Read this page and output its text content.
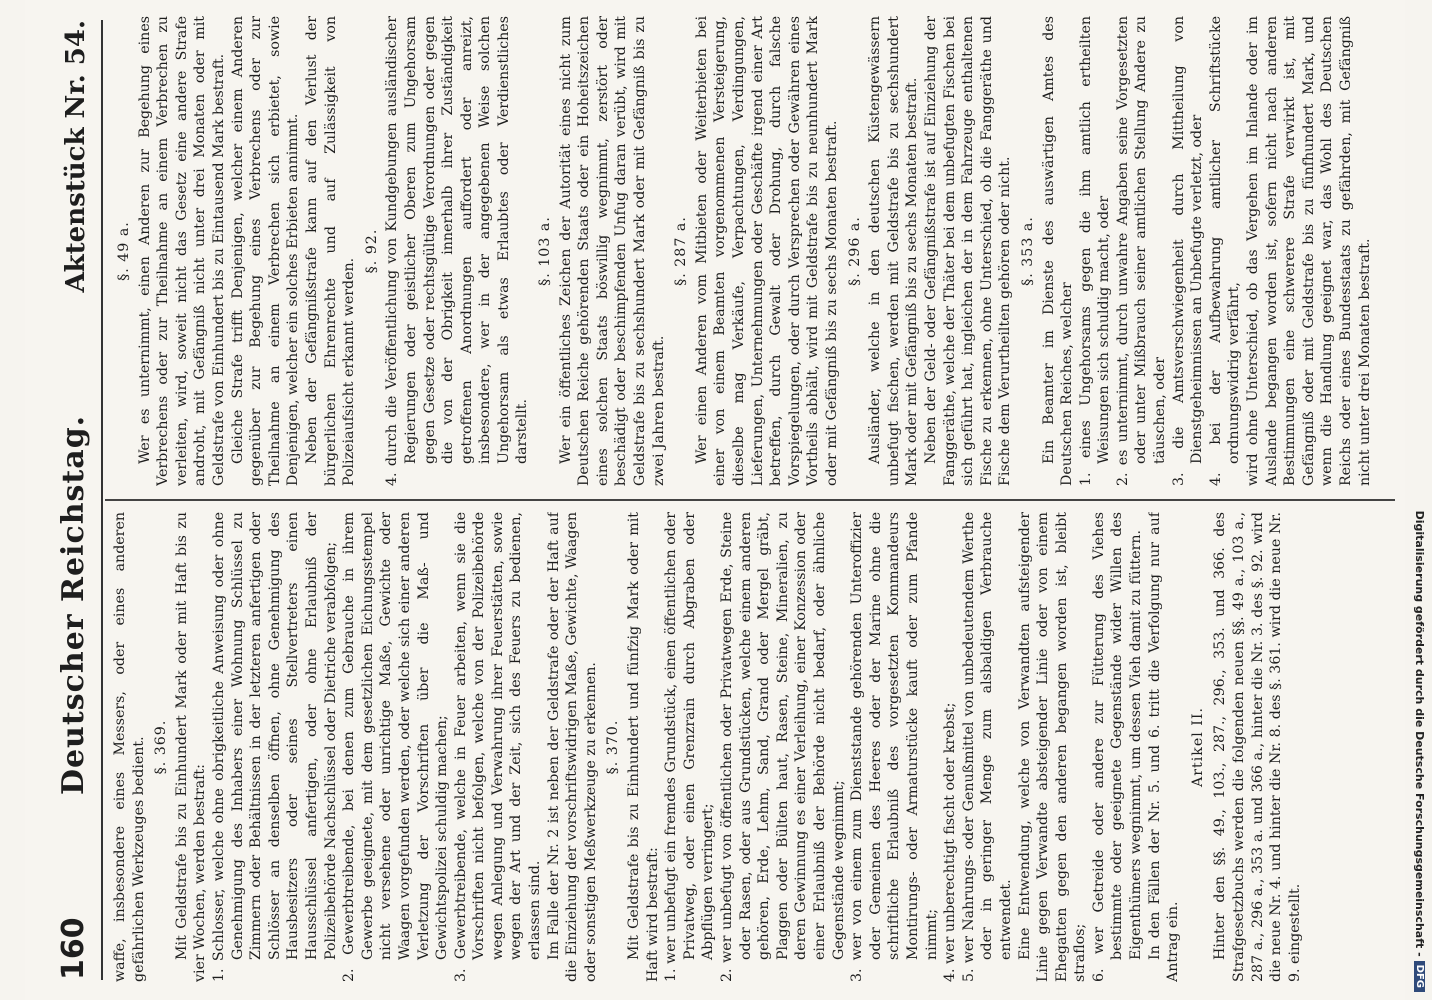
160
Deutscher Reichstag.
Aktenstück Nr. 54.

waffe, insbesondere eines Messers, oder eines anderen gefährlichen Werkzeuges bedient. §. 369. Mit Geldstrafe bis zu Einhundert Mark oder mit Haft bis zu vier Wochen, werden bestraft: 1. Schlosser, welche ohne obrigkeitliche Anweisung oder ohne Genehmigung des Inhabers einer Wohnung Schlüssel zu Zimmern oder Behältnissen in der letzteren anfertigen oder Schlösser an denselben öffnen, ohne Genehmigung des Hausbesitzers oder seines Stellvertreters einen Hausschlüssel anfertigen, oder ohne Erlaubniß der Polizeibehörde Nachschlüssel oder Dietriche verabfolgen; 2. Gewerbtreibende, bei denen zum Gebrauche in ihrem Gewerbe geeignete, mit dem gesetzlichen Eichungsstempel nicht versehene oder unrichtige Maße, Gewichte oder Waagen vorgefunden werden, oder welche sich einer anderen Verletzung der Vorschriften über die Maß- und Gewichtspolizei schuldig machen; 3. Gewerbtreibende, welche in Feuer arbeiten, wenn sie die Vorschriften nicht befolgen, welche von der Polizeibehörde wegen Anlegung und Verwahrung ihrer Feuerstätten, sowie wegen der Art und der Zeit, sich des Feuers zu bedienen, erlassen sind. Im Falle der Nr. 2 ist neben der Geldstrafe oder der Haft auf die Einziehung der vorschriftswidrigen Maße, Gewichte, Waagen oder sonstigen Meßwerkzeuge zu erkennen. §. 370. Mit Geldstrafe bis zu Einhundert und fünfzig Mark oder mit Haft wird bestraft: 1. wer unbefugt ein fremdes Grundstück, einen öffentlichen oder Privatweg, oder einen Grenzrain durch Abgraben oder Abpflügen verringert; 2. wer unbefugt von öffentlichen oder Privatwegen Erde, Steine oder Rasen, oder aus Grundstücken, welche einem anderen gehören, Erde, Lehm, Sand, Grand oder Mergel gräbt, Plaggen oder Bülten haut, Rasen, Steine, Mineralien, zu deren Gewinnung es einer Verleihung, einer Konzession oder einer Erlaubniß der Behörde nicht bedarf, oder ähnliche Gegenstände wegnimmt; 3. wer von einem zum Dienststande gehörenden Unteroffizier oder Gemeinen des Heeres oder der Marine ohne die schriftliche Erlaubniß des vorgesetzten Kommandeurs Montirungs- oder Armaturstücke kauft oder zum Pfande nimmt; 4. wer unberechtigt fischt oder krebst; 5. wer Nahrungs- oder Genußmittel von unbedeutendem Werthe oder in geringer Menge zum alsbaldigen Verbrauche entwendet. Eine Entwendung, welche von Verwandten aufsteigender Linie gegen Verwandte absteigender Linie oder von einem Ehegatten gegen den anderen begangen worden ist, bleibt straflos; 6. wer Getreide oder andere zur Fütterung des Viehes bestimmte oder geeignete Gegenstände wider Willen des Eigenthümers wegnimmt, um dessen Vieh damit zu füttern. In den Fällen der Nr. 5. und 6. tritt die Verfolgung nur auf Antrag ein.

Artikel II. Hinter den §§. 49., 103., 287., 296., 353. und 366. des Strafgesetzbuchs werden die folgenden neuen §§. 49 a., 103 a., 287 a., 296 a., 353 a. und 366 a., hinter die Nr. 3. des §. 92. wird die neue Nr. 4. und hinter die Nr. 8. des §. 361. wird die neue Nr. 9. eingestellt.

§. 49 a. Wer es unternimmt, einen Anderen zur Begehung eines Verbrechens oder zur Theilnahme an einem Verbrechen zu verleiten, wird, soweit nicht das Gesetz eine andere Strafe androht, mit Gefängniß nicht unter drei Monaten oder mit Geldstrafe von Einhundert bis zu Eintausend Mark bestraft. Gleiche Strafe trifft Denjenigen, welcher einem Anderen gegenüber zur Begehung eines Verbrechens oder zur Theilnahme an einem Verbrechen sich erbietet, sowie Denjenigen, welcher ein solches Erbieten annimmt. Neben der Gefängnißstrafe kann auf den Verlust der bürgerlichen Ehrenrechte und auf Zulässigkeit von Polizeiaufsicht erkannt werden.

§. 92. 4. durch die Veröffentlichung von Kundgebungen ausländischer Regierungen oder geistlicher Oberen zum Ungehorsam gegen Gesetze oder rechtsgültige Verordnungen oder gegen die von der Obrigkeit innerhalb ihrer Zuständigkeit getroffenen Anordnungen auffordert oder anreizt, insbesondere, wer in der angegebenen Weise solchen Ungehorsam als etwas Erlaubtes oder Verdienstliches darstellt.

§. 103 a. Wer ein öffentliches Zeichen der Autorität eines nicht zum Deutschen Reiche gehörenden Staats oder ein Hoheitszeichen eines solchen Staats böswillig wegnimmt, zerstört oder beschädigt oder beschimpfenden Unfug daran verübt, wird mit Geldstrafe bis zu sechshundert Mark oder mit Gefängniß bis zu zwei Jahren bestraft.

§. 287 a. Wer einen Anderen vom Mitbieten oder Weiterbieten bei einer von einem Beamten vorgenommenen Versteigerung, dieselbe mag Verkäufe, Verpachtungen, Verdingungen, Lieferungen, Unternehmungen oder Geschäfte irgend einer Art betreffen, durch Gewalt oder Drohung, durch falsche Vorspiegelungen, oder durch Versprechen oder Gewähren eines Vortheils abhält, wird mit Geldstrafe bis zu neunhundert Mark oder mit Gefängniß bis zu sechs Monaten bestraft. §. 296 a. Ausländer, welche in den deutschen Küstengewässern unbefugt fischen, werden mit Geldstrafe bis zu sechshundert Mark oder mit Gefängniß bis zu sechs Monaten bestraft. Neben der Geld- oder Gefängnißstrafe ist auf Einziehung der Fanggeräthe, welche der Thäter bei dem unbefugten Fischen bei sich geführt hat, ingleichen der in dem Fahrzeuge enthaltenen Fische zu erkennen, ohne Unterschied, ob die Fanggeräthe und Fische dem Verurtheilten gehören oder nicht. §. 353 a. Ein Beamter im Dienste des auswärtigen Amtes des Deutschen Reiches, welcher 1. eines Ungehorsams gegen die ihm amtlich ertheilten Weisungen sich schuldig macht, oder 2. es unternimmt, durch unwahre Angaben seine Vorgesetzten oder unter Mißbrauch seiner amtlichen Stellung Andere zu täuschen, oder 3. die Amtsverschwiegenheit durch Mittheilung von Dienstgeheimnissen an Unbefugte verletzt, oder 4. bei der Aufbewahrung amtlicher Schriftstücke ordnungswidrig verfährt, wird ohne Unterschied, ob das Vergehen im Inlande oder im Auslande begangen worden ist, sofern nicht nach anderen Bestimmungen eine schwerere Strafe verwirkt ist, mit Gefängniß oder mit Geldstrafe bis zu fünfhundert Mark, und wenn die Handlung geeignet war, das Wohl des Deutschen Reichs oder eines Bundesstaats zu gefährden, mit Gefängniß nicht unter drei Monaten bestraft.

Digitalisierung gefördert durch die Deutsche Forschungsgemeinschaft -
DFG
